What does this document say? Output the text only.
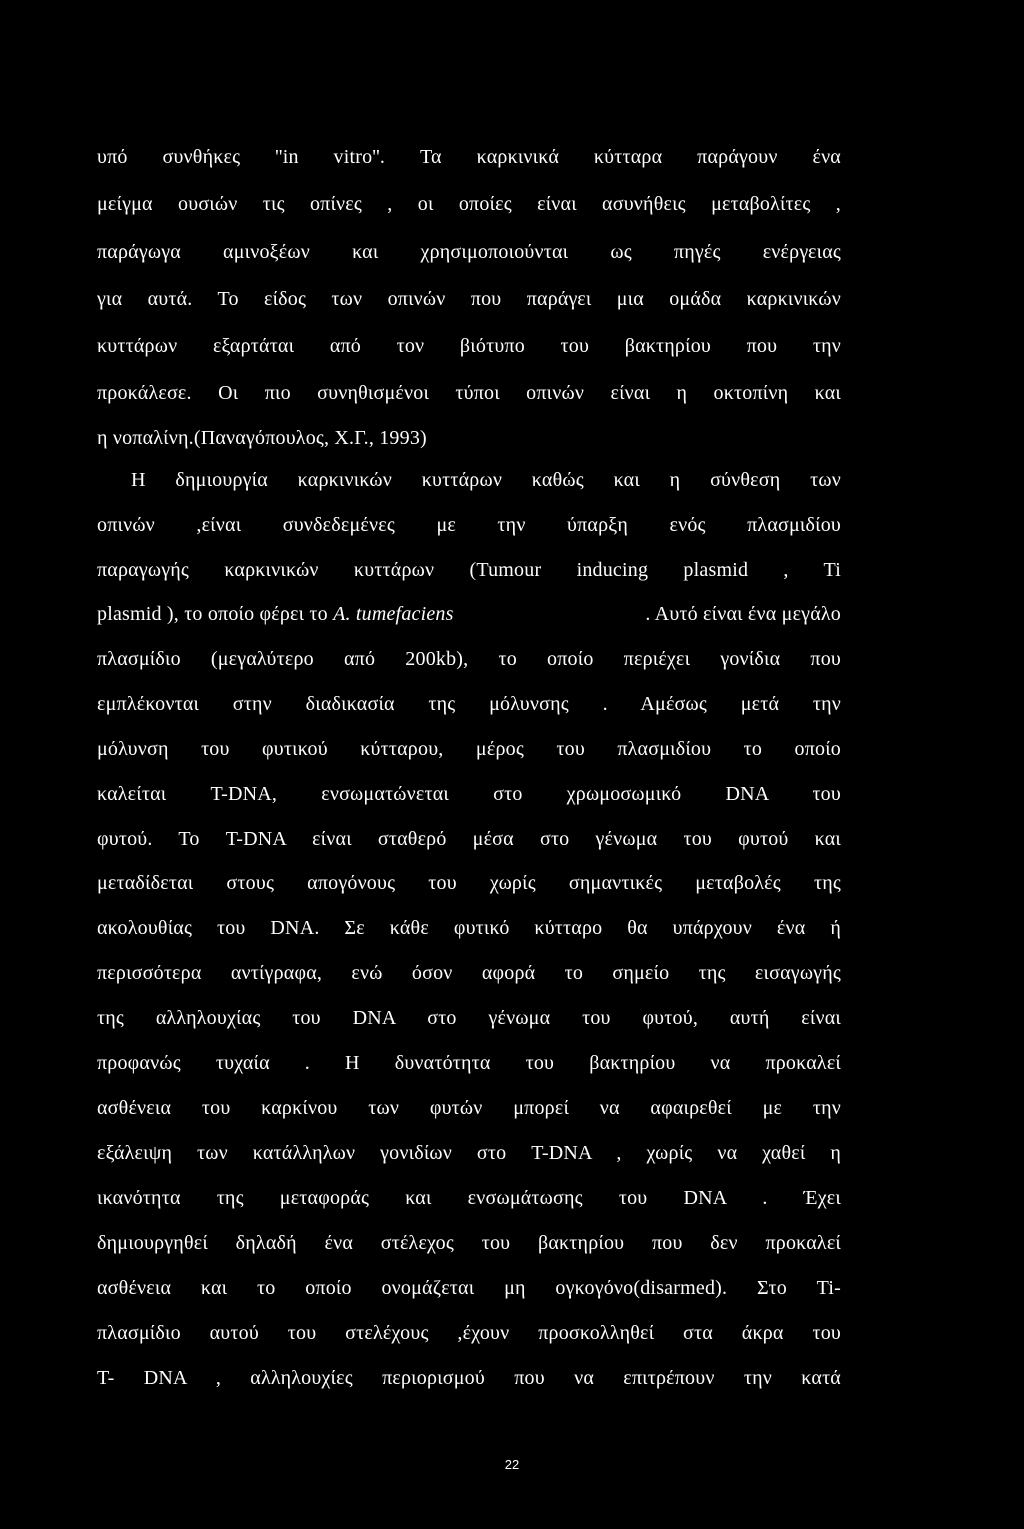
υπό συνθήκες ''in vitro''. Τα καρκινικά κύτταρα παράγουν ένα
μείγμα ουσιών τις οπίνες , οι οποίες είναι ασυνήθεις μεταβολίτες ,
παράγωγα αμινοξέων και χρησιμοποιούνται ως πηγές ενέργειας
για αυτά. Το είδος των οπινών που παράγει μια ομάδα καρκινικών
κυττάρων εξαρτάται από τον βιότυπο του βακτηρίου που την
προκάλεσε. Οι πιο συνηθισμένοι τύποι οπινών είναι η οκτοπίνη και
η νοπαλίνη.(Παναγόπουλος, Χ.Γ., 1993)
Η δημιουργία καρκινικών κυττάρων καθώς και η σύνθεση των
οπινών ,είναι συνδεδεμένες με την ύπαρξη ενός πλασμιδίου
παραγωγής καρκινικών κυττάρων (Tumour inducing plasmid , Ti
plasmid ), το οποίο φέρει το A. tumefaciens	. Αυτό είναι ένα μεγάλο
πλασμίδιο (μεγαλύτερο από 200kb), το οποίο περιέχει γονίδια που
εμπλέκονται στην διαδικασία της μόλυνσης . Αμέσως μετά την
μόλυνση του φυτικού κύτταρου, μέρος του πλασμιδίου το οποίο
καλείται T-DNA, ενσωματώνεται στο χρωμοσωμικό DNA του
φυτού. Το T-DNA είναι σταθερό μέσα στο γένωμα του φυτού και
μεταδίδεται στους απογόνους του χωρίς σημαντικές μεταβολές της
ακολουθίας του DNA. Σε κάθε φυτικό κύτταρο θα υπάρχουν ένα ή
περισσότερα αντίγραφα, ενώ όσον αφορά το σημείο της εισαγωγής
της αλληλουχίας του DNA στο γένωμα του φυτού, αυτή είναι
προφανώς τυχαία . Η δυνατότητα του βακτηρίου να προκαλεί
ασθένεια του καρκίνου των φυτών μπορεί να αφαιρεθεί με την
εξάλειψη των κατάλληλων γονιδίων στο T-DNA , χωρίς να χαθεί η
ικανότητα της μεταφοράς και ενσωμάτωσης του DNA . Έχει
δημιουργηθεί δηλαδή ένα στέλεχος του βακτηρίου που δεν προκαλεί
ασθένεια και το οποίο ονομάζεται μη ογκογόνο(disarmed). Στο Ti-
πλασμίδιο αυτού του στελέχους ,έχουν προσκολληθεί στα άκρα του
T- DNA , αλληλουχίες περιορισμού που να επιτρέπουν την κατά
22
